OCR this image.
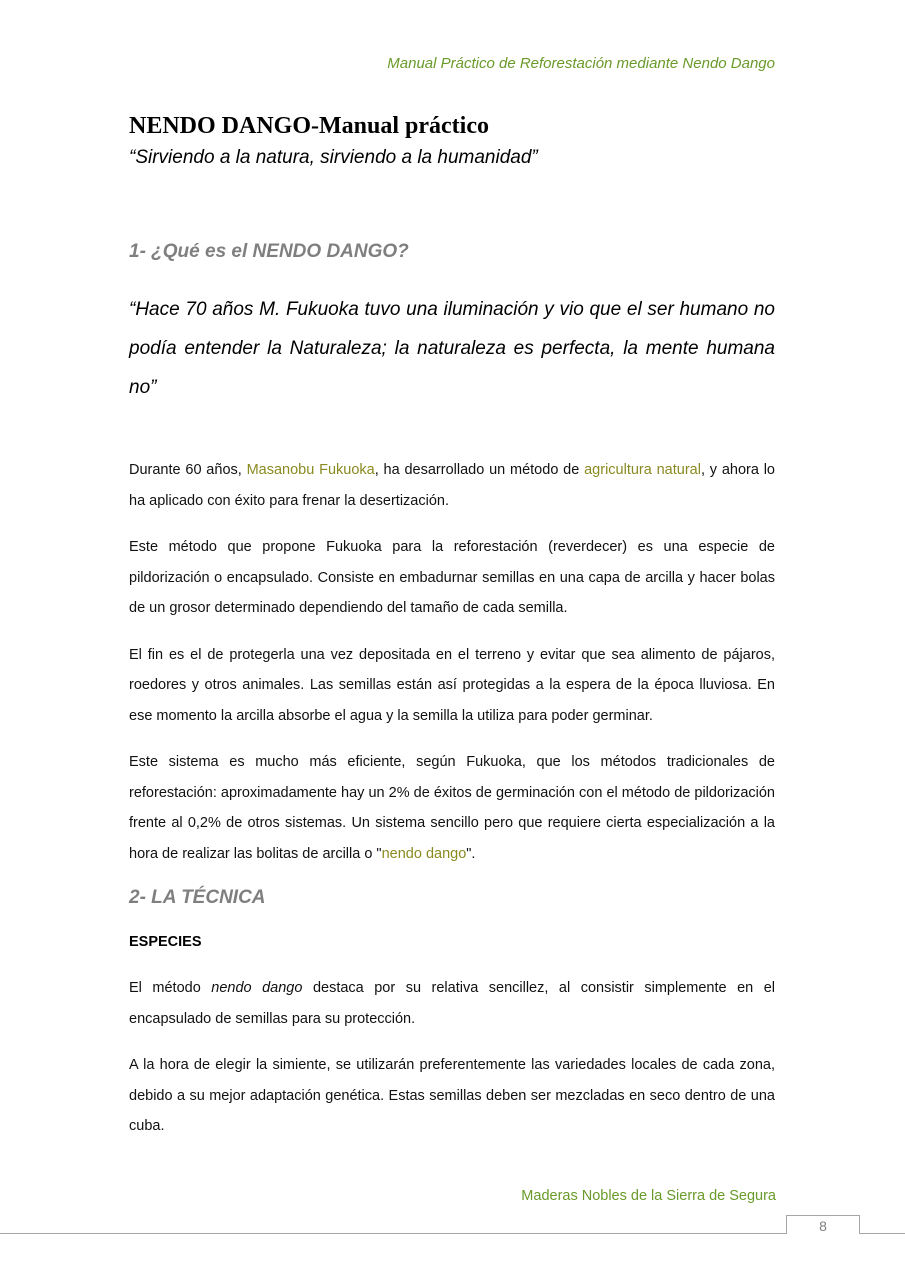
Manual Práctico de Reforestación mediante Nendo Dango
NENDO DANGO-Manual práctico

“Sirviendo a la natura, sirviendo a la humanidad”

1- ¿Qué es el NENDO DANGO?

“Hace 70 años M. Fukuoka tuvo una iluminación y vio que el ser humano no podía entender la Naturaleza; la naturaleza es perfecta, la mente humana no”

Durante 60 años, Masanobu Fukuoka, ha desarrollado un método de agricultura natural, y ahora lo ha aplicado con éxito para frenar la desertización.

Este método que propone Fukuoka para la reforestación (reverdecer) es una especie de pildorización o encapsulado. Consiste en embadurnar semillas en una capa de arcilla y hacer bolas de un grosor determinado dependiendo del tamaño de cada semilla.

El fin es el de protegerla una vez depositada en el terreno y evitar que sea alimento de pájaros, roedores y otros animales. Las semillas están así protegidas a la espera de la época lluviosa. En ese momento la arcilla absorbe el agua y la semilla la utiliza para poder germinar.

Este sistema es mucho más eficiente, según Fukuoka, que los métodos tradicionales de reforestación: aproximadamente hay un 2% de éxitos de germinación con el método de pildorización frente al 0,2% de otros sistemas. Un sistema sencillo pero que requiere cierta especialización a la hora de realizar las bolitas de arcilla o "nendo dango".

2- LA TÉCNICA
ESPECIES

El método nendo dango destaca por su relativa sencillez, al consistir simplemente en el encapsulado de semillas para su protección.

A la hora de elegir la simiente, se utilizarán preferentemente las variedades locales de cada zona, debido a su mejor adaptación genética. Estas semillas deben ser mezcladas en seco dentro de una cuba.

Maderas Nobles de la Sierra de Segura
8
